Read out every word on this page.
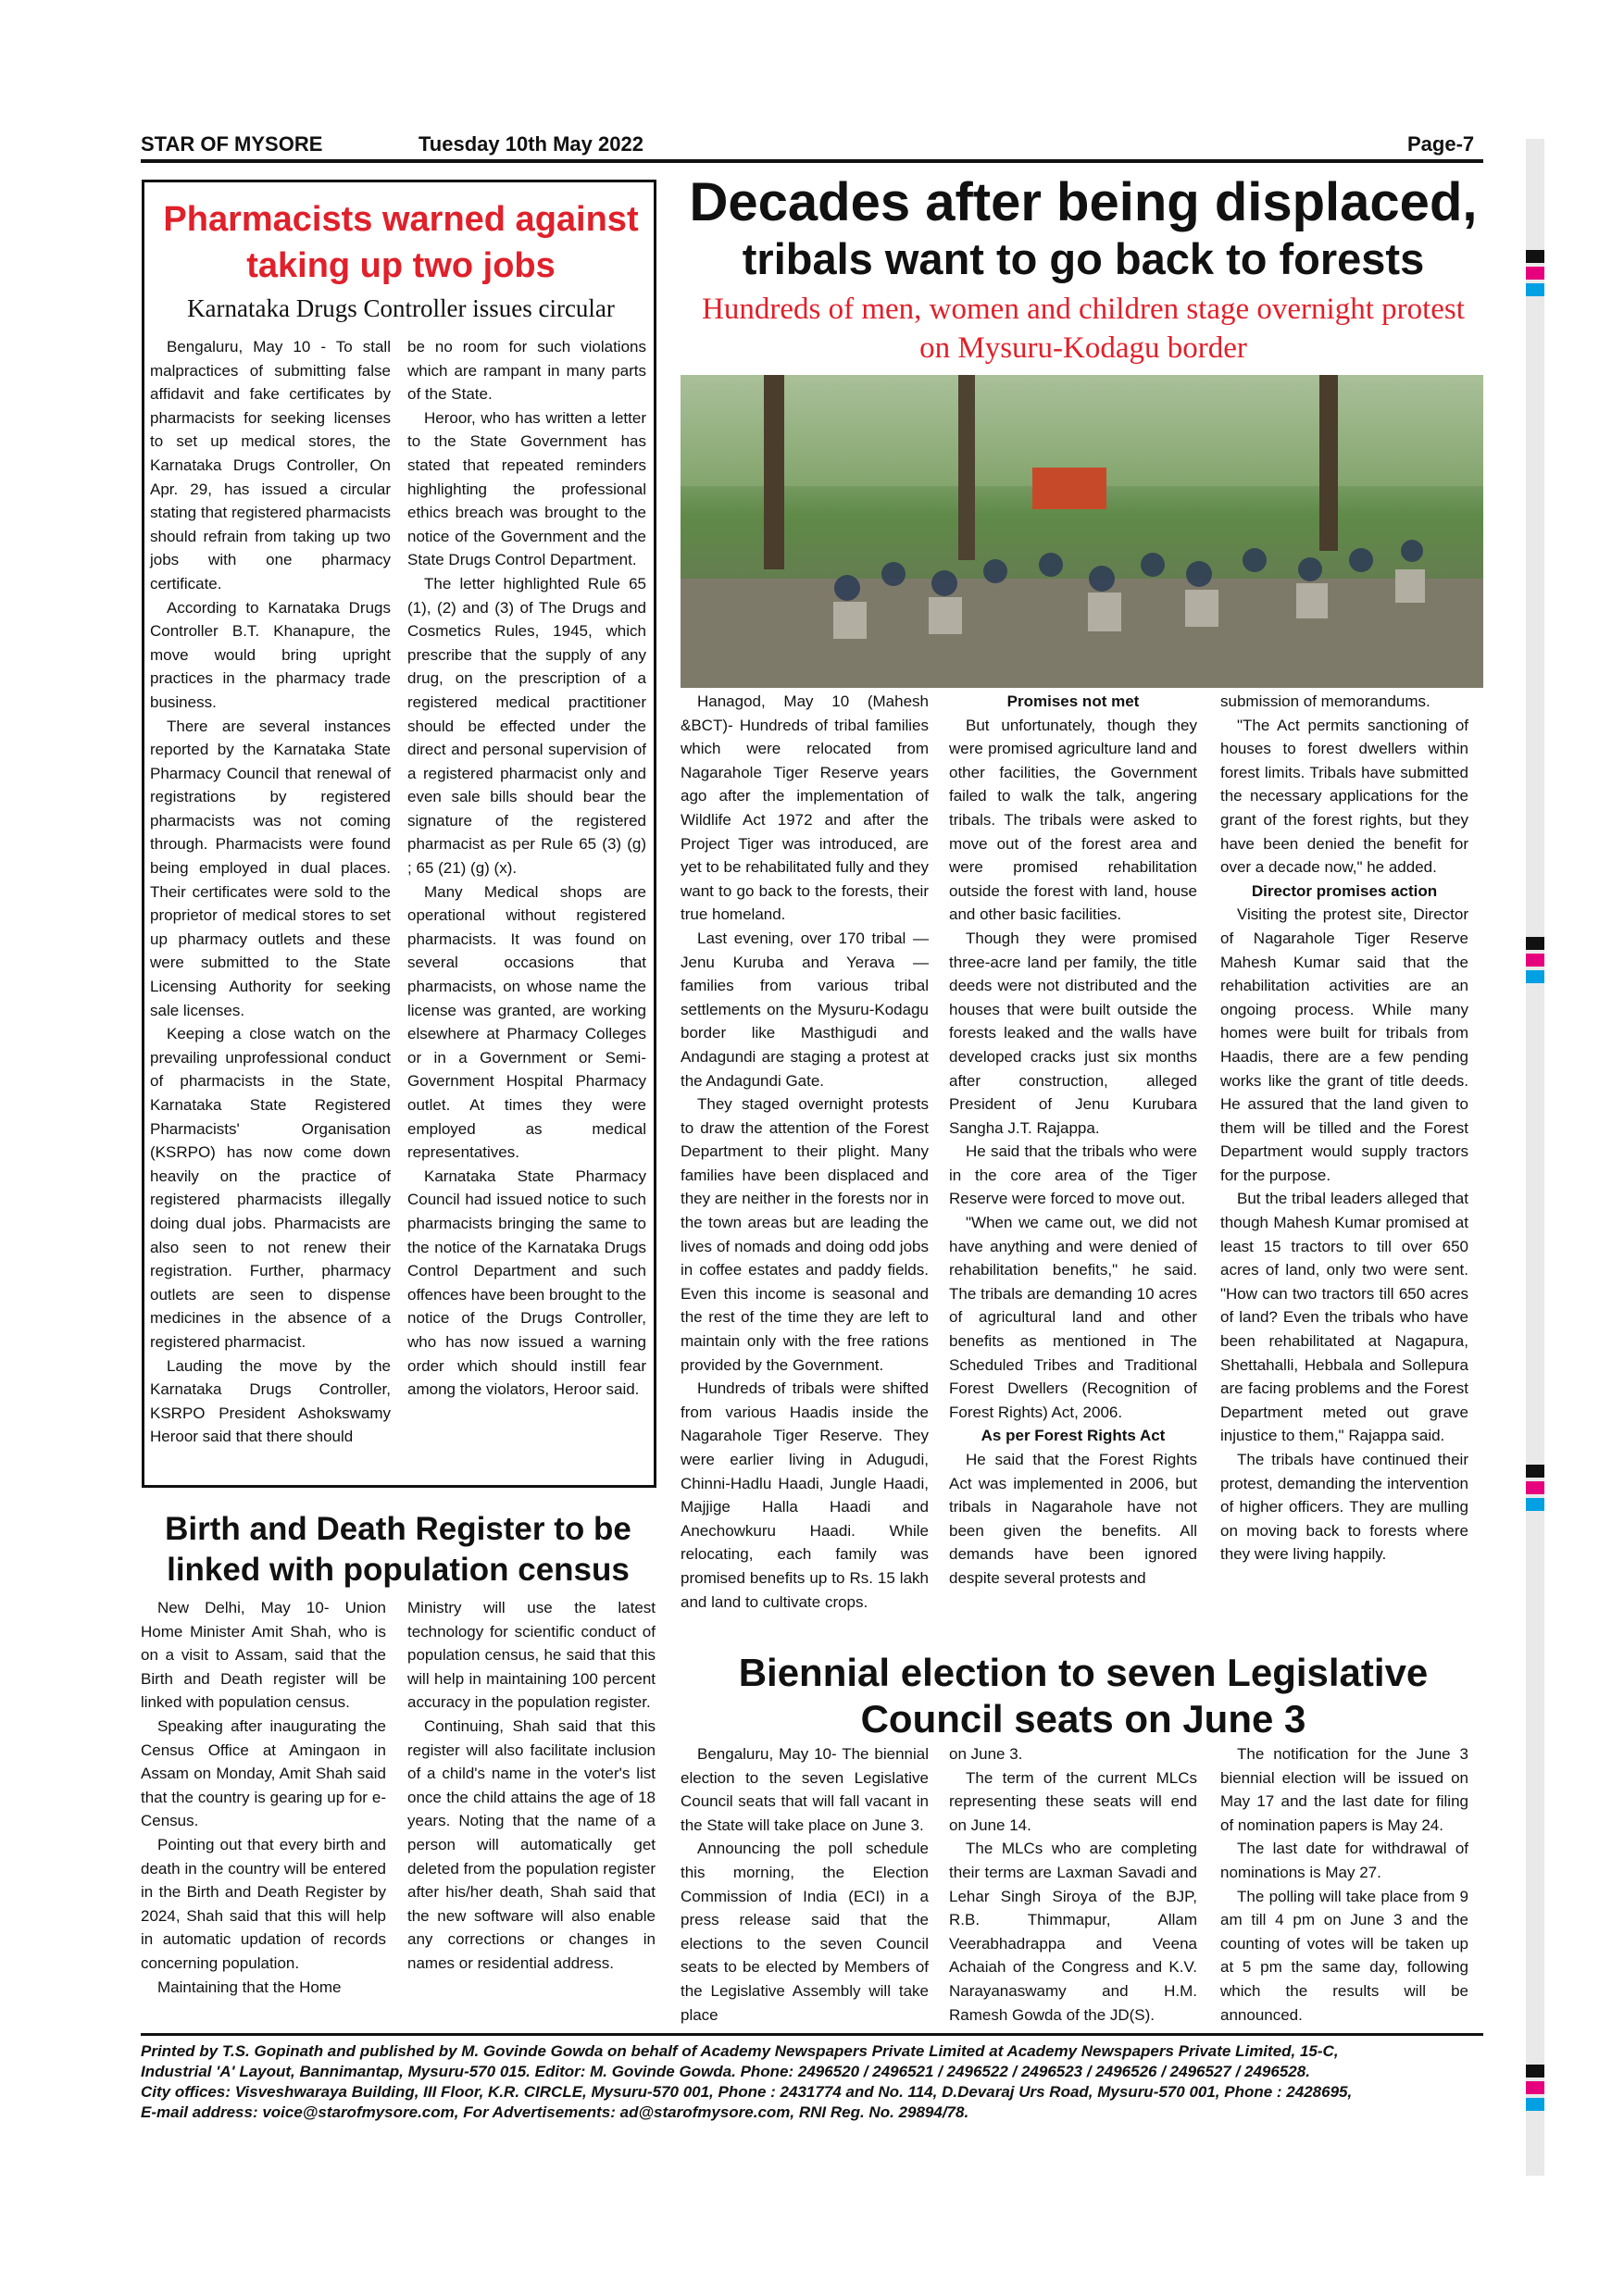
STAR OF MYSORE	Tuesday 10th May 2022	Page-7
Pharmacists warned against taking up two jobs
Karnataka Drugs Controller issues circular

Bengaluru, May 10 - To stall malpractices of submitting false affidavit and fake certificates by pharmacists for seeking licenses to set up medical stores, the Karnataka Drugs Controller, On Apr. 29, has issued a circular stating that registered pharmacists should refrain from taking up two jobs with one pharmacy certificate.

According to Karnataka Drugs Controller B.T. Khanapure, the move would bring upright practices in the pharmacy trade business.

There are several instances reported by the Karnataka State Pharmacy Council that renewal of registrations by registered pharmacists was not coming through. Pharmacists were found being employed in dual places. Their certificates were sold to the proprietor of medical stores to set up pharmacy outlets and these were submitted to the State Licensing Authority for seeking sale licenses.

Keeping a close watch on the prevailing unprofessional conduct of pharmacists in the State, Karnataka State Registered Pharmacists' Organisation (KSRPO) has now come down heavily on the practice of registered pharmacists illegally doing dual jobs. Pharmacists are also seen to not renew their registration. Further, pharmacy outlets are seen to dispense medicines in the absence of a registered pharmacist.

Lauding the move by the Karnataka Drugs Controller, KSRPO President Ashokswamy Heroor said that there should

be no room for such violations which are rampant in many parts of the State.

Heroor, who has written a letter to the State Government has stated that repeated reminders highlighting the professional ethics breach was brought to the notice of the Government and the State Drugs Control Department.

The letter highlighted Rule 65 (1), (2) and (3) of The Drugs and Cosmetics Rules, 1945, which prescribe that the supply of any drug, on the prescription of a registered medical practitioner should be effected under the direct and personal supervision of a registered pharmacist only and even sale bills should bear the signature of the registered pharmacist as per Rule 65 (3) (g) ; 65 (21) (g) (x).

Many Medical shops are operational without registered pharmacists. It was found on several occasions that pharmacists, on whose name the license was granted, are working elsewhere at Pharmacy Colleges or in a Government or Semi-Government Hospital Pharmacy outlet. At times they were employed as medical representatives.

Karnataka State Pharmacy Council had issued notice to such pharmacists bringing the same to the notice of the Karnataka Drugs Control Department and such offences have been brought to the notice of the Drugs Controller, who has now issued a warning order which should instill fear among the violators, Heroor said.

Decades after being displaced,
tribals want to go back to forests
Hundreds of men, women and children stage overnight protest on Mysuru-Kodagu border

Hanagod, May 10 (Mahesh &BCT)- Hundreds of tribal families which were relocated from Nagarahole Tiger Reserve years ago after the implementation of Wildlife Act 1972 and after the Project Tiger was introduced, are yet to be rehabilitated fully and they want to go back to the forests, their true homeland.

Last evening, over 170 tribal — Jenu Kuruba and Yerava — families from various tribal settlements on the Mysuru-Kodagu border like Masthigudi and Andagundi are staging a protest at the Andagundi Gate.

They staged overnight protests to draw the attention of the Forest Department to their plight. Many families have been displaced and they are neither in the forests nor in the town areas but are leading the lives of nomads and doing odd jobs in coffee estates and paddy fields. Even this income is seasonal and the rest of the time they are left to maintain only with the free rations provided by the Government.

Hundreds of tribals were shifted from various Haadis inside the Nagarahole Tiger Reserve. They were earlier living in Adugudi, Chinni-Hadlu Haadi, Jungle Haadi, Majjige Halla Haadi and Anechowkuru Haadi. While relocating, each family was promised benefits up to Rs. 15 lakh and land to cultivate crops.

Promises not met

But unfortunately, though they were promised agriculture land and other facilities, the Government failed to walk the talk, angering tribals. The tribals were asked to move out of the forest area and were promised rehabilitation outside the forest with land, house and other basic facilities.

Though they were promised three-acre land per family, the title deeds were not distributed and the houses that were built outside the forests leaked and the walls have developed cracks just six months after construction, alleged President of Jenu Kurubara Sangha J.T. Rajappa.

He said that the tribals who were in the core area of the Tiger Reserve were forced to move out.

"When we came out, we did not have anything and were denied of rehabilitation benefits," he said. The tribals are demanding 10 acres of agricultural land and other benefits as mentioned in The Scheduled Tribes and Traditional Forest Dwellers (Recognition of Forest Rights) Act, 2006.

As per Forest Rights Act

He said that the Forest Rights Act was implemented in 2006, but tribals in Nagarahole have not been given the benefits. All demands have been ignored despite several protests and

submission of memorandums.

"The Act permits sanctioning of houses to forest dwellers within forest limits. Tribals have submitted the necessary applications for the grant of the forest rights, but they have been denied the benefit for over a decade now," he added.

Director promises action

Visiting the protest site, Director of Nagarahole Tiger Reserve Mahesh Kumar said that the rehabilitation activities are an ongoing process. While many homes were built for tribals from Haadis, there are a few pending works like the grant of title deeds. He assured that the land given to them will be tilled and the Forest Department would supply tractors for the purpose.

But the tribal leaders alleged that though Mahesh Kumar promised at least 15 tractors to till over 650 acres of land, only two were sent. "How can two tractors till 650 acres of land? Even the tribals who have been rehabilitated at Nagapura, Shettahalli, Hebbala and Sollepura are facing problems and the Forest Department meted out grave injustice to them," Rajappa said.

The tribals have continued their protest, demanding the intervention of higher officers. They are mulling on moving back to forests where they were living happily.

Birth and Death Register to be
linked with population census

New Delhi, May 10- Union Home Minister Amit Shah, who is on a visit to Assam, said that the Birth and Death register will be linked with population census.

Speaking after inaugurating the Census Office at Amingaon in Assam on Monday, Amit Shah said that the country is gearing up for e-Census.

Pointing out that every birth and death in the country will be entered in the Birth and Death Register by 2024, Shah said that this will help in automatic updation of records concerning population.

Maintaining that the Home

Ministry will use the latest technology for scientific conduct of population census, he said that this will help in maintaining 100 percent accuracy in the population register.

Continuing, Shah said that this register will also facilitate inclusion of a child's name in the voter's list once the child attains the age of 18 years. Noting that the name of a person will automatically get deleted from the population register after his/her death, Shah said that the new software will also enable any corrections or changes in names or residential address.

Biennial election to seven Legislative
Council seats on June 3

Bengaluru, May 10- The biennial election to the seven Legislative Council seats that will fall vacant in the State will take place on June 3.

Announcing the poll schedule this morning, the Election Commission of India (ECI) in a press release said that the elections to the seven Council seats to be elected by Members of the Legislative Assembly will take place

on June 3.

The term of the current MLCs representing these seats will end on June 14.

The MLCs who are completing their terms are Laxman Savadi and Lehar Singh Siroya of the BJP, R.B. Thimmapur, Allam Veerabhadrappa and Veena Achaiah of the Congress and K.V. Narayanaswamy and H.M. Ramesh Gowda of the JD(S).

The notification for the June 3 biennial election will be issued on May 17 and the last date for filing of nomination papers is May 24.

The last date for withdrawal of nominations is May 27.

The polling will take place from 9 am till 4 pm on June 3 and the counting of votes will be taken up at 5 pm the same day, following which the results will be announced.

Printed by T.S. Gopinath and published by M. Govinde Gowda on behalf of Academy Newspapers Private Limited at Academy Newspapers Private Limited, 15-C,
Industrial 'A' Layout, Bannimantap, Mysuru-570 015. Editor: M. Govinde Gowda. Phone: 2496520 / 2496521 / 2496522 / 2496523 / 2496526 / 2496527 / 2496528.
City offices: Visveshwaraya Building, III Floor, K.R. CIRCLE, Mysuru-570 001, Phone : 2431774 and No. 114, D.Devaraj Urs Road, Mysuru-570 001, Phone : 2428695,
E-mail address: voice@starofmysore.com, For Advertisements: ad@starofmysore.com, RNI Reg. No. 29894/78.
